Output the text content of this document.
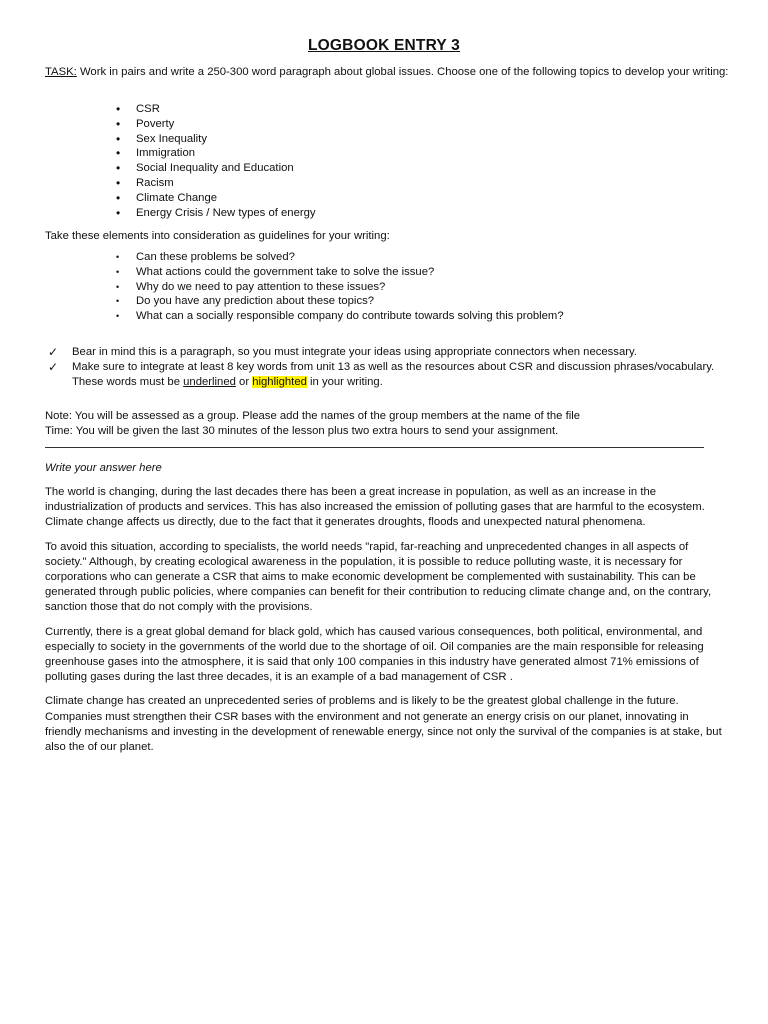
LOGBOOK ENTRY 3
TASK: Work in pairs and write a 250-300 word paragraph about global issues. Choose one of the following topics to develop your writing:
• CSR
• Poverty
• Sex Inequality
• Immigration
• Social Inequality and Education
• Racism
• Climate Change
• Energy Crisis / New types of energy
Take these elements into consideration as guidelines for your writing:
• Can these problems be solved?
• What actions could the government take to solve the issue?
• Why do we need to pay attention to these issues?
• Do you have any prediction about these topics?
• What can a socially responsible company do contribute towards solving this problem?
✓ Bear in mind this is a paragraph, so you must integrate your ideas using appropriate connectors when necessary.
✓ Make sure to integrate at least 8 key words from unit 13 as well as the resources about CSR and discussion phrases/vocabulary. These words must be underlined or highlighted in your writing.
Note: You will be assessed as a group. Please add the names of the group members at the name of the file
Time: You will be given the last 30 minutes of the lesson plus two extra hours to send your assignment.
Write your answer here

The world is changing, during the last decades there has been a great increase in population, as well as an increase in the industrialization of products and services. This has also increased the emission of polluting gases that are harmful to the ecosystem. Climate change affects us directly, due to the fact that it generates droughts, floods and unexpected natural phenomena.

To avoid this situation, according to specialists, the world needs "rapid, far-reaching and unprecedented changes in all aspects of society." Although, by creating ecological awareness in the population, it is possible to reduce polluting waste, it is necessary for corporations who can generate a CSR that aims to make economic development be complemented with sustainability. This can be generated through public policies, where companies can benefit for their contribution to reducing climate change and, on the contrary, sanction those that do not comply with the provisions.

Currently, there is a great global demand for black gold, which has caused various consequences, both political, environmental, and especially to society in the governments of the world due to the shortage of oil. Oil companies are the main responsible for releasing greenhouse gases into the atmosphere, it is said that only 100 companies in this industry have generated almost 71% emissions of polluting gases during the last three decades, it is an example of a bad management of CSR .

Climate change has created an unprecedented series of problems and is likely to be the greatest global challenge in the future. Companies must strengthen their CSR bases with the environment and not generate an energy crisis on our planet, innovating in friendly mechanisms and investing in the development of renewable energy, since not only the survival of the companies is at stake, but also the of our planet.
